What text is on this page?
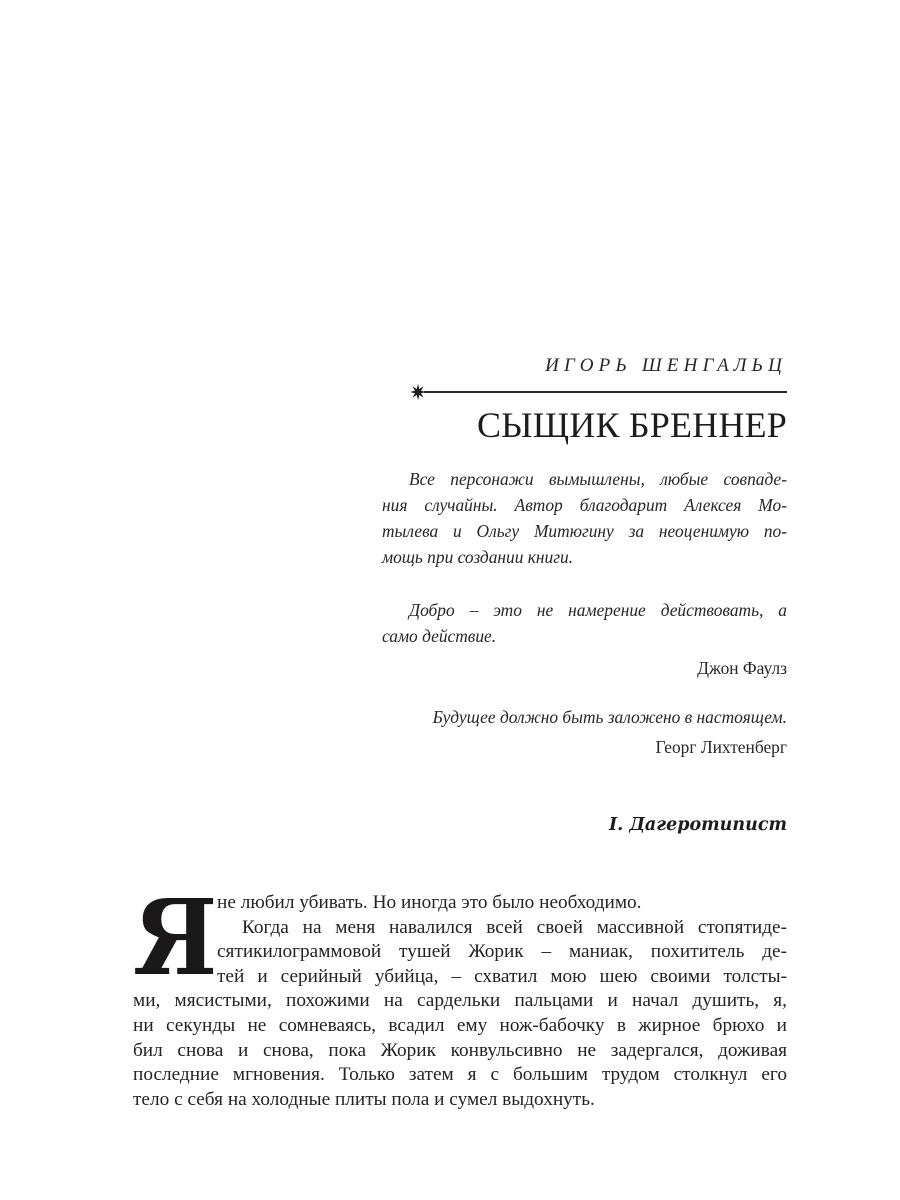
ИГОРЬ ШЕНГАЛЬЦ
СЫЩИК БРЕННЕР
Все персонажи вымышлены, любые совпаде-
ния случайны. Автор благодарит Алексея Мо-
тылева и Ольгу Митюгину за неоценимую по-
мощь при создании книги.
Добро – это не намерение действовать, а
само действие.
Джон Фаулз
Будущее должно быть заложено в настоящем.
Георг Лихтенберг
I. Дагеротипист
Я не любил убивать. Но иногда это было необходимо.
Когда на меня навалился всей своей массивной стопятиде-
сятикилограммовой тушей Жорик – маниак, похититель де-
тей и серийный убийца, – схватил мою шею своими толсты-
ми, мясистыми, похожими на сардельки пальцами и начал душить, я,
ни секунды не сомневаясь, всадил ему нож-бабочку в жирное брюхо и
бил снова и снова, пока Жорик конвульсивно не задергался, доживая
последние мгновения. Только затем я с большим трудом столкнул его
тело с себя на холодные плиты пола и сумел выдохнуть.
